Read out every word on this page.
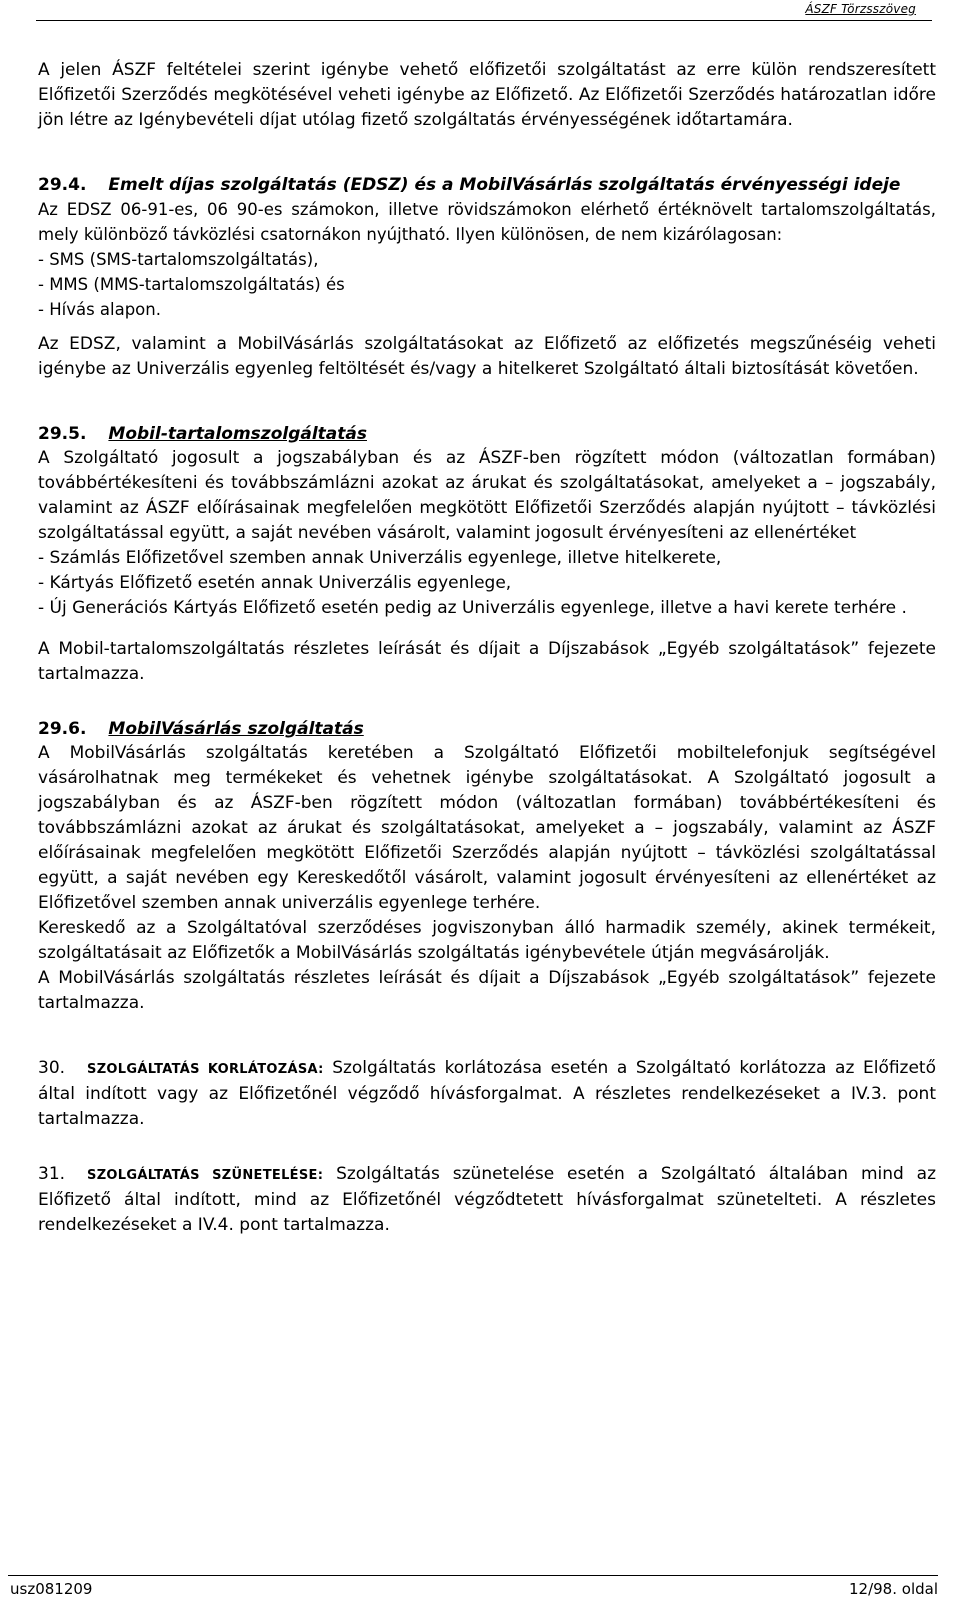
ÁSZF Törzsszöveg

A jelen ÁSZF feltételei szerint igénybe vehető előfizetői szolgáltatást az erre külön rendszeresített Előfizetői Szerződés megkötésével veheti igénybe az Előfizető. Az Előfizetői Szerződés határozatlan időre jön létre az Igénybevételi díjat utólag fizető szolgáltatás érvényességének időtartamára.

29.4. Emelt díjas szolgáltatás (EDSZ) és a MobilVásárlás szolgáltatás érvényességi ideje

Az EDSZ 06-91-es, 06 90-es számokon, illetve rövidszámokon elérhető értéknövelt tartalomszolgáltatás, mely különböző távközlési csatornákon nyújtható. Ilyen különösen, de nem kizárólagosan:

- SMS (SMS-tartalomszolgáltatás),
- MMS (MMS-tartalomszolgáltatás) és
- Hívás alapon.

Az EDSZ, valamint a MobilVásárlás szolgáltatásokat az Előfizető az előfizetés megszűnéséig veheti igénybe az Univerzális egyenleg feltöltését és/vagy a hitelkeret Szolgáltató általi biztosítását követően.

29.5. Mobil-tartalomszolgáltatás

A Szolgáltató jogosult a jogszabályban és az ÁSZF-ben rögzített módon (változatlan formában) továbbértékesíteni és továbbszámlázni azokat az árukat és szolgáltatásokat, amelyeket a – jogszabály, valamint az ÁSZF előírásainak megfelelően megkötött Előfizetői Szerződés alapján nyújtott – távközlési szolgáltatással együtt, a saját nevében vásárolt, valamint jogosult érvényesíteni az ellenértéket

- Számlás Előfizetővel szemben annak Univerzális egyenlege, illetve hitelkerete,
- Kártyás Előfizető esetén annak Univerzális egyenlege,
- Új Generációs Kártyás Előfizető esetén pedig az Univerzális egyenlege, illetve a havi kerete terhére .

A Mobil-tartalomszolgáltatás részletes leírását és díjait a Díjszabások „Egyéb szolgáltatások” fejezete tartalmazza.

29.6. MobilVásárlás szolgáltatás

A MobilVásárlás szolgáltatás keretében a Szolgáltató Előfizetői mobiltelefonjuk segítségével vásárolhatnak meg termékeket és vehetnek igénybe szolgáltatásokat. A Szolgáltató jogosult a jogszabályban és az ÁSZF-ben rögzített módon (változatlan formában) továbbértékesíteni és továbbszámlázni azokat az árukat és szolgáltatásokat, amelyeket a – jogszabály, valamint az ÁSZF előírásainak megfelelően megkötött Előfizetői Szerződés alapján nyújtott – távközlési szolgáltatással együtt, a saját nevében egy Kereskedőtől vásárolt, valamint jogosult érvényesíteni az ellenértéket az Előfizetővel szemben annak univerzális egyenlege terhére.

Kereskedő az a Szolgáltatóval szerződéses jogviszonyban álló harmadik személy, akinek termékeit, szolgáltatásait az Előfizetők a MobilVásárlás szolgáltatás igénybevétele útján megvásárolják.

A MobilVásárlás szolgáltatás részletes leírását és díjait a Díjszabások „Egyéb szolgáltatások” fejezete tartalmazza.

30. SZOLGÁLTATÁS KORLÁTOZÁSA: Szolgáltatás korlátozása esetén a Szolgáltató korlátozza az Előfizető által indított vagy az Előfizetőnél végződő hívásforgalmat. A részletes rendelkezéseket a IV.3. pont tartalmazza.

31. SZOLGÁLTATÁS SZÜNETELÉSE: Szolgáltatás szünetelése esetén a Szolgáltató általában mind az Előfizető által indított, mind az Előfizetőnél végződtetett hívásforgalmat szünetelteti. A részletes rendelkezéseket a IV.4. pont tartalmazza.

usz081209	12/98. oldal
